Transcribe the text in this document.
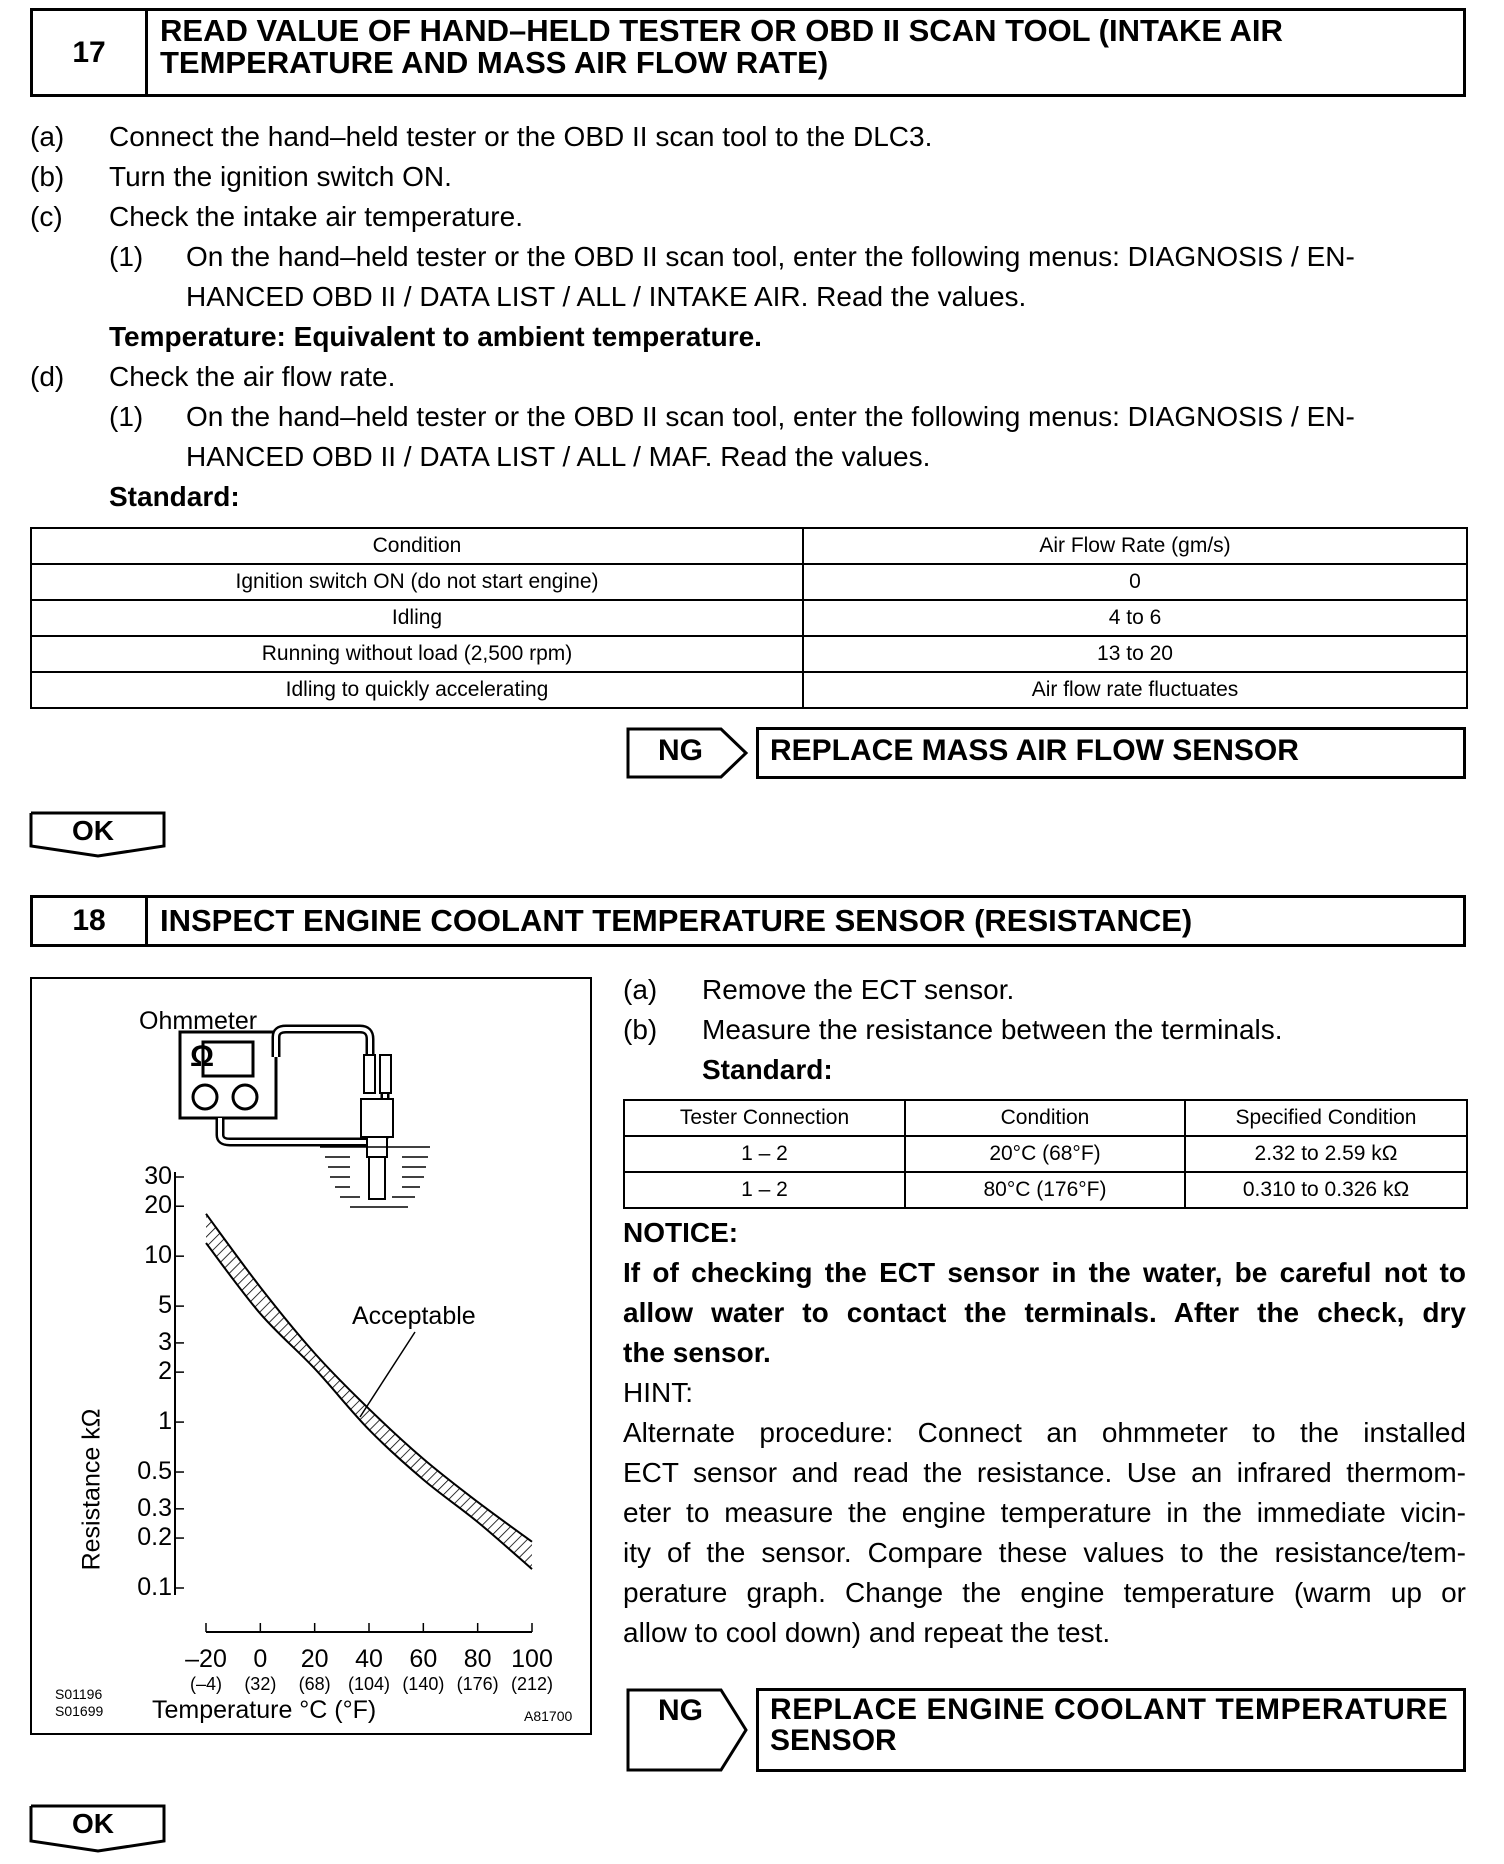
17
READ VALUE OF HAND–HELD TESTER OR OBD II SCAN TOOL (INTAKE AIR
TEMPERATURE AND MASS AIR FLOW RATE)
(a) Connect the hand–held tester or the OBD II scan tool to the DLC3.
(b) Turn the ignition switch ON.
(c) Check the intake air temperature.
(1) On the hand–held tester or the OBD II scan tool, enter the following menus: DIAGNOSIS / EN-
HANCED OBD II / DATA LIST / ALL / INTAKE AIR. Read the values.
Temperature: Equivalent to ambient temperature.
(d) Check the air flow rate.
(1) On the hand–held tester or the OBD II scan tool, enter the following menus: DIAGNOSIS / EN-
HANCED OBD II / DATA LIST / ALL / MAF. Read the values.
Standard:
Condition	Air Flow Rate (gm/s)
Ignition switch ON (do not start engine)	0
Idling	4 to 6
Running without load (2,500 rpm)	13 to 20
Idling to quickly accelerating	Air flow rate fluctuates
NG REPLACE MASS AIR FLOW SENSOR
OK
18	INSPECT ENGINE COOLANT TEMPERATURE SENSOR (RESISTANCE)
Ohmmeter
Ω
Acceptable
30
20
10
5
3
2
1
0.5
0.3
0.2
0.1
Resistance kΩ
–20
(–4)
0
(32)
20
(68)
40
(104)
60
(140)
80
(176)
100
(212)
Temperature °C (°F)
S01196
S01699	A81700
(a) Remove the ECT sensor.
(b) Measure the resistance between the terminals.
Standard:
Tester Connection	Condition	Specified Condition
1 – 2	20°C (68°F)	2.32 to 2.59 kΩ
1 – 2	80°C (176°F)	0.310 to 0.326 kΩ
NOTICE:
If of checking the ECT sensor in the water, be careful not to
allow water to contact the terminals. After the check, dry
the sensor.
HINT:
Alternate procedure: Connect an ohmmeter to the installed
ECT sensor and read the resistance. Use an infrared thermom-
eter to measure the engine temperature in the immediate vicin-
ity of the sensor. Compare these values to the resistance/tem-
perature graph. Change the engine temperature (warm up or
allow to cool down) and repeat the test.
NG REPLACE ENGINE COOLANT TEMPERATURE
SENSOR
OK
